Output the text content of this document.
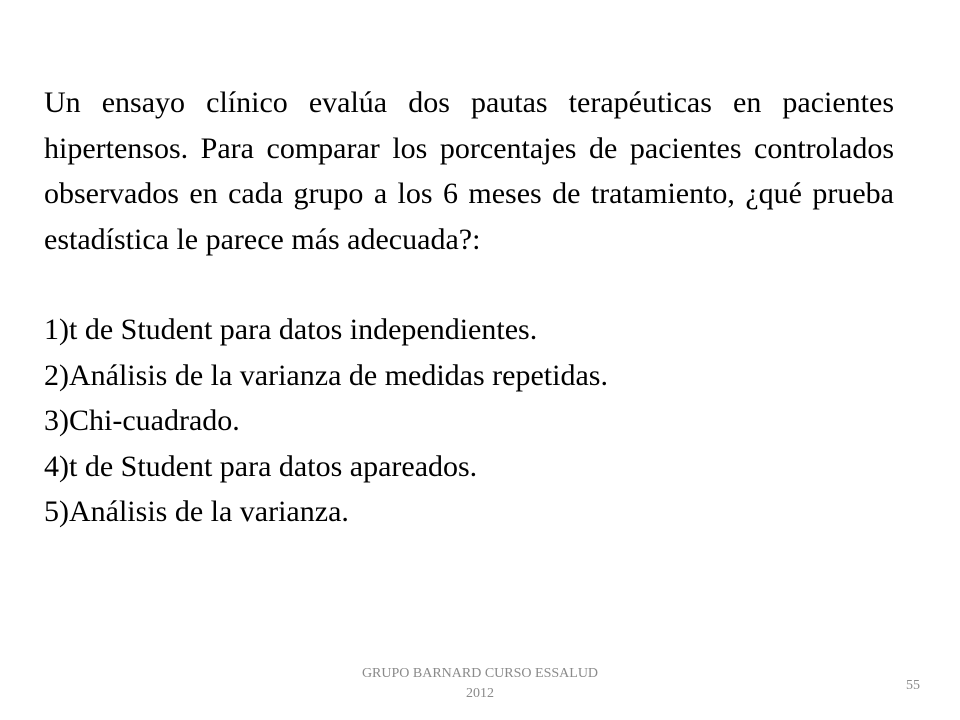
Un ensayo clínico evalúa dos pautas terapéuticas en pacientes hipertensos. Para comparar los porcentajes de pacientes controlados observados en cada grupo a los 6 meses de tratamiento, ¿qué prueba estadística le parece más adecuada?:

1)t de Student para datos independientes.
2)Análisis de la varianza de medidas repetidas.
3)Chi-cuadrado.
4)t de Student para datos apareados.
5)Análisis de la varianza.
GRUPO BARNARD CURSO ESSALUD
2012
55
